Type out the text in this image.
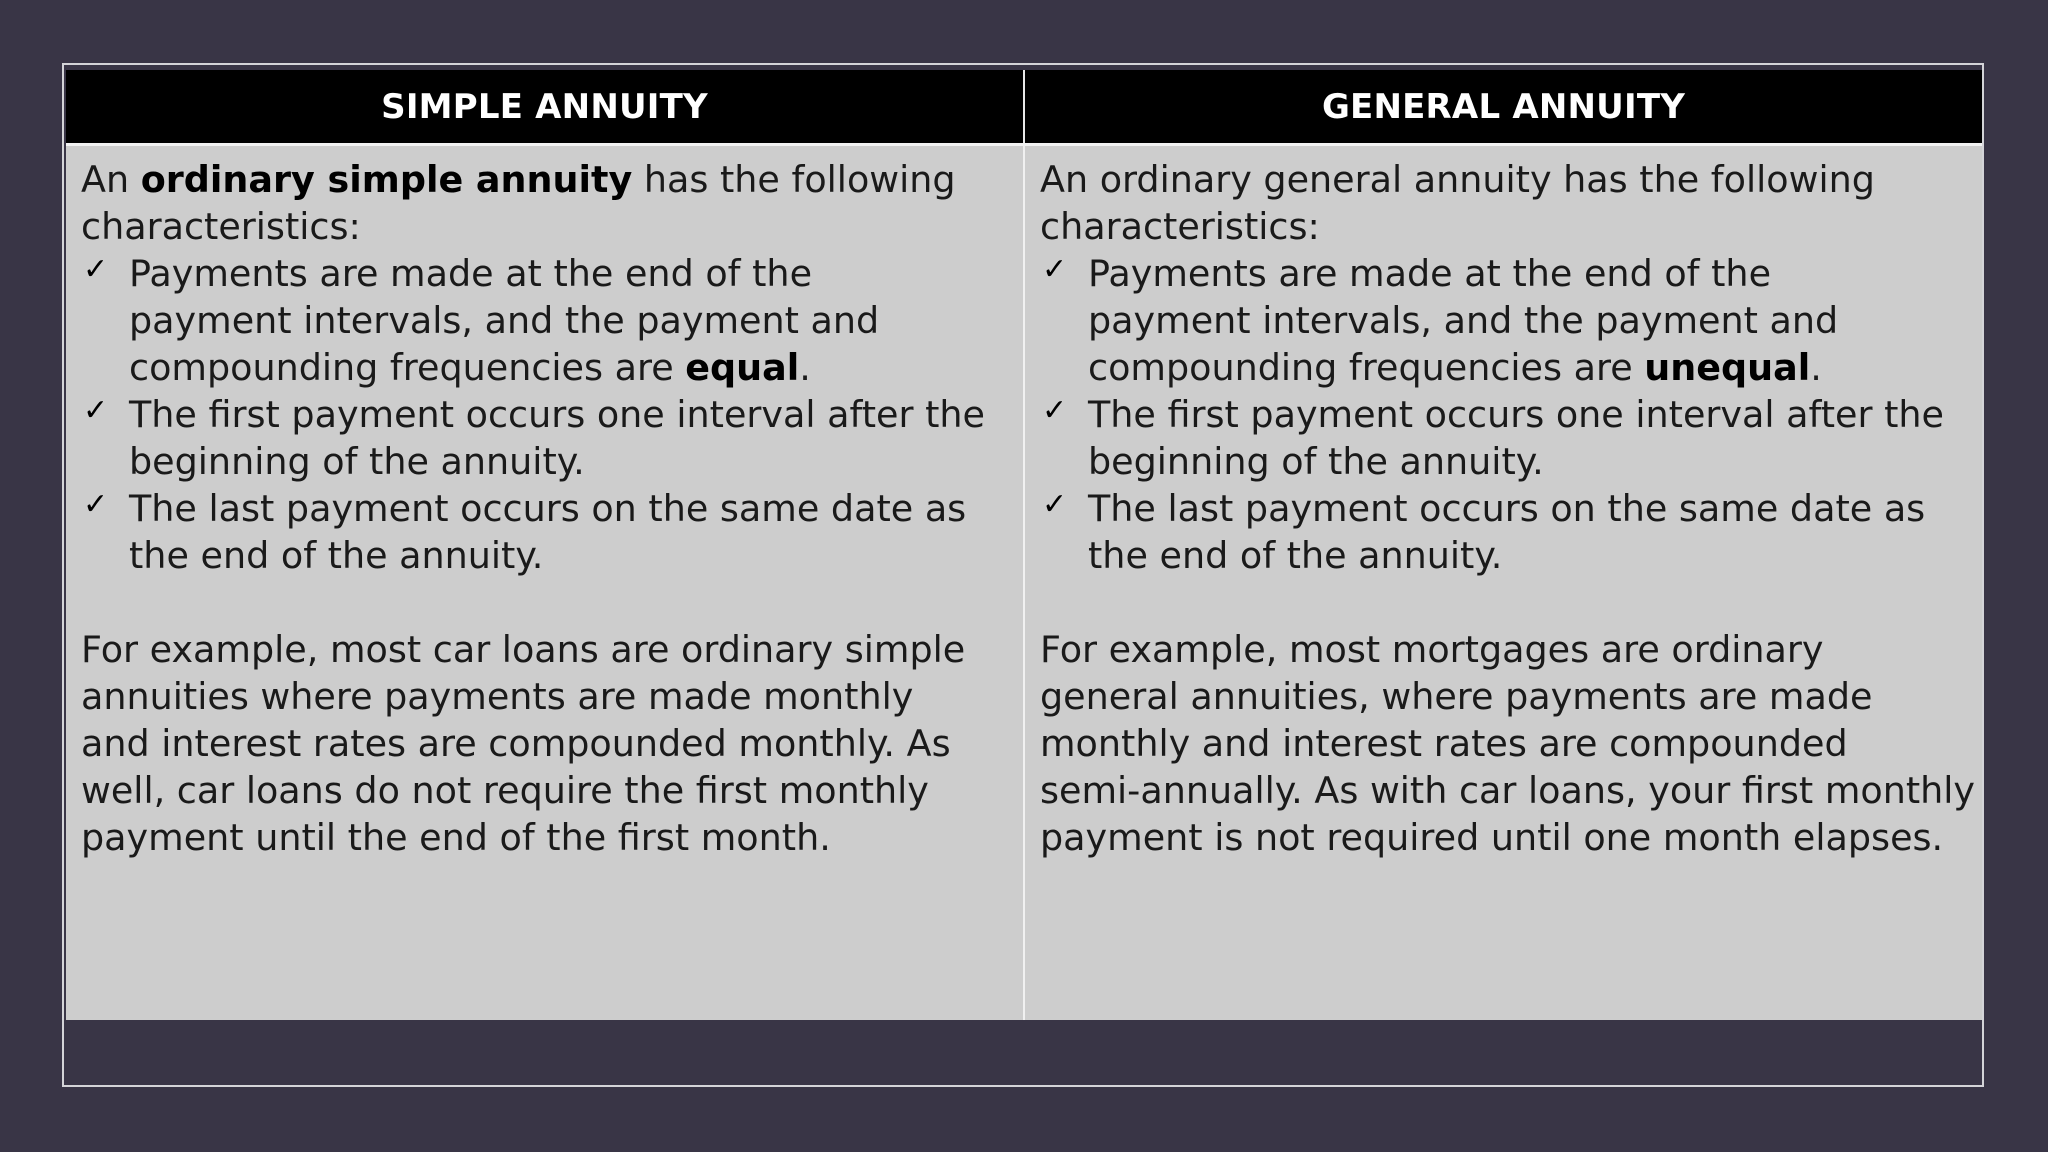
SIMPLE ANNUITY	GENERAL ANNUITY

An ordinary simple annuity has the following
characteristics:

✓ Payments are made at the end of the
payment intervals, and the payment and
compounding frequencies are equal.
✓ The first payment occurs one interval after the
beginning of the annuity.
✓ The last payment occurs on the same date as
the end of the annuity.

For example, most car loans are ordinary simple
annuities where payments are made monthly
and interest rates are compounded monthly. As
well, car loans do not require the first monthly
payment until the end of the first month.

An ordinary general annuity has the following
characteristics:

✓ Payments are made at the end of the
payment intervals, and the payment and
compounding frequencies are unequal.
✓ The first payment occurs one interval after the
beginning of the annuity.
✓ The last payment occurs on the same date as
the end of the annuity.

For example, most mortgages are ordinary
general annuities, where payments are made
monthly and interest rates are compounded
semi-annually. As with car loans, your first monthly
payment is not required until one month elapses.
